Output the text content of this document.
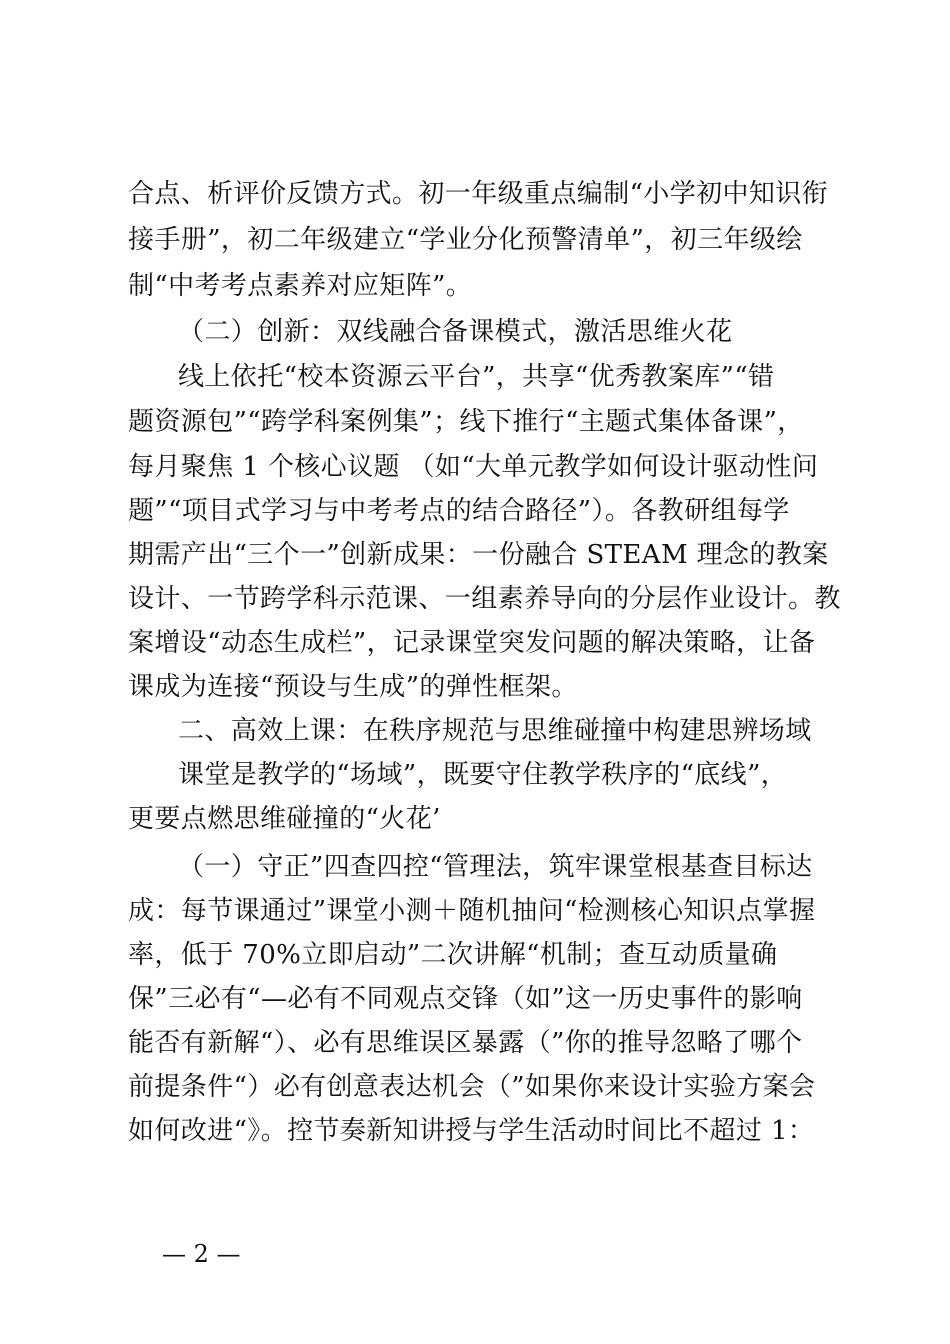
合点、析评价反馈方式。初一年级重点编制“小学初中知识衔
接手册”，初二年级建立“学业分化预警清单”，初三年级绘
制“中考考点素养对应矩阵”。
（二）创新：双线融合备课模式，激活思维火花
线上依托“校本资源云平台”，共享“优秀教案库”“错
题资源包”“跨学科案例集”；线下推行“主题式集体备课”，
每月聚焦 1 个核心议题 （如“大单元教学如何设计驱动性问
题”“项目式学习与中考考点的结合路径”）。各教研组每学
期需产出“三个一”创新成果：一份融合 STEAM 理念的教案
设计、一节跨学科示范课、一组素养导向的分层作业设计。教
案增设“动态生成栏”，记录课堂突发问题的解决策略，让备
课成为连接“预设与生成”的弹性框架。
二、高效上课：在秩序规范与思维碰撞中构建思辨场域
课堂是教学的“场域”，既要守住教学秩序的“底线”，
更要点燃思维碰撞的“火花’
（一）守正”四查四控“管理法，筑牢课堂根基查目标达
成：每节课通过”课堂小测＋随机抽问“检测核心知识点掌握
率，低于 70%立即启动”二次讲解“机制；查互动质量确
保”三必有“—必有不同观点交锋（如”这一历史事件的影响
能否有新解“）、必有思维误区暴露（”你的推导忽略了哪个
前提条件“）必有创意表达机会（”如果你来设计实验方案会
如何改进“》。控节奏新知讲授与学生活动时间比不超过 1：
— 2 —
